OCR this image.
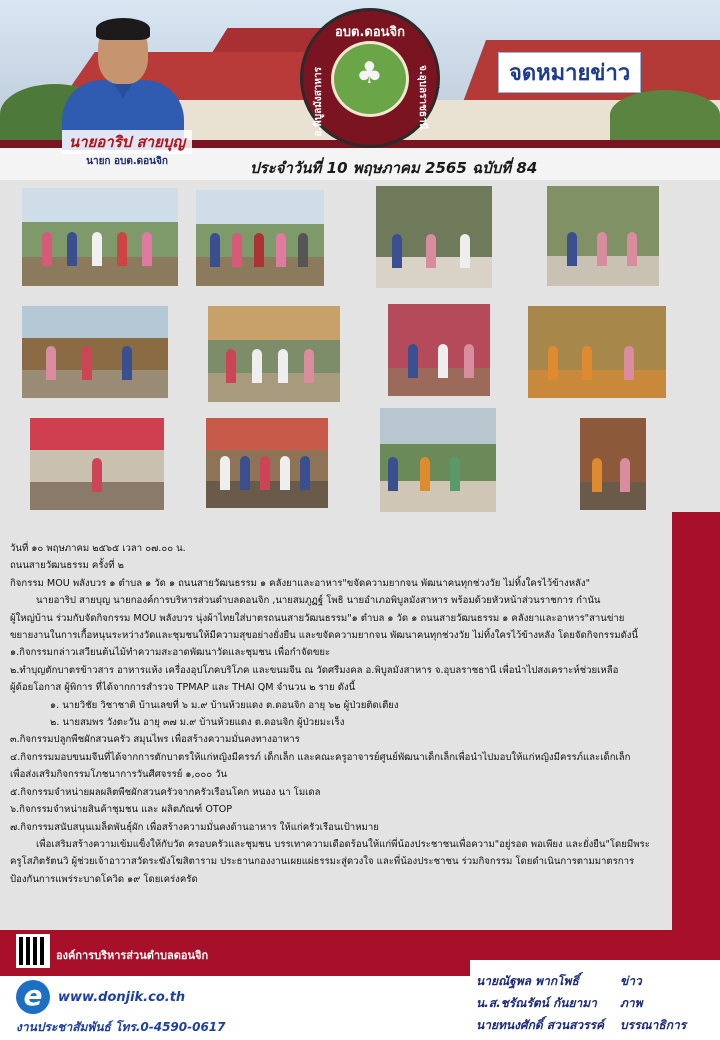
อบต.ดอนจิก
♣
อ.พิบูลมังสาหาร	จ.อุบลราชธานี	จดหมายข่าว
นายอาริป สายบุญ
นายก อบต.ดอนจิก	ประจำวันที่ 10 พฤษภาคม 2565 ฉบับที่ 84

วันที่ ๑๐ พฤษภาคม ๒๕๖๕ เวลา ๐๗.๐๐ น.

ถนนสายวัฒนธรรม ครั้งที่ ๒

กิจกรรม MOU พลังบวร ๑ ตำบล ๑ วัด ๑ ถนนสายวัฒนธรรม ๑ คลังยาและอาหาร"ขจัดความยากจน พัฒนาคนทุกช่วงวัย ไม่ทิ้งใครไว้ข้างหลัง"

นายอาริป สายบุญ นายกองค์การบริหารส่วนตำบลดอนจิก ,นายสมภูฏฐ์ โพธิ นายอำเภอพิบูลมังสาหาร พร้อมด้วยหัวหน้าส่วนราชการ กำนัน

ผู้ใหญ่บ้าน ร่วมกับจัดกิจกรรม MOU พลังบวร นุ่งผ้าไทยใส่บาตรถนนสายวัฒนธรรม"๑ ตำบล ๑ วัด ๑ ถนนสายวัฒนธรรม ๑ คลังยาและอาหาร"สานข่าย

ขยายงานในการเกื้อหนุนระหว่างวัดและชุมชนให้มีความสุขอย่างยั่งยืน และขจัดความยากจน พัฒนาคนทุกช่วงวัย ไม่ทิ้งใครไว้ข้างหลัง โดยจัดกิจกรรมดังนี้

๑.กิจกรรมกล่าวเสวียนต้นไม้ทำความสะอาดพัฒนาวัดและชุมชน เพื่อกำจัดขยะ

๒.ทำบุญตักบาตรข้าวสาร อาหารแห้ง เครื่องอุปโภคบริโภค และขนมจีน ณ วัดศรีมงคล อ.พิบูลมังสาหาร จ.อุบลราชธานี เพื่อนำไปสงเคราะห์ช่วยเหลือ

ผู้ด้อยโอกาส ผู้พิการ ที่ได้จากการสำรวจ TPMAP และ THAI QM จำนวน ๒ ราย ดังนี้

๑. นายวิชัย วิชาชาติ บ้านเลขที่ ๖ ม.๙ บ้านห้วยแดง ต.ดอนจิก อายุ ๖๒ ผู้ป่วยติดเตียง

๒. นายสมพร วังตะวัน อายุ ๓๗ ม.๙ บ้านห้วยแดง ต.ดอนจิก ผู้ป่วยมะเร็ง

๓.กิจกรรมปลูกพืชผักสวนครัว สมุนไพร เพื่อสร้างความมั่นคงทางอาหาร

๔.กิจกรรมมอบขนมจีนที่ได้จากการตักบาตรให้แก่หญิงมีครรภ์ เด็กเล็ก และคณะครูอาจารย์ศูนย์พัฒนาเด็กเล็กเพื่อนำไปมอบให้แก่หญิงมีครรภ์และเด็กเล็ก

เพื่อส่งเสริมกิจกรรมโภชนาการวันศีศจรรย์ ๑,๐๐๐ วัน

๕.กิจกรรมจำหน่ายผลผลิตพืชผักสวนครัวจากครัวเรือนโคก หนอง นา โมเดล

๖.กิจกรรมจำหน่ายสินค้าชุมชน และ ผลิตภัณฑ์ OTOP

๗.กิจกรรมสนับสนุนเมล็ดพันธุ์ผัก เพื่อสร้างความมั่นคงด้านอาหาร ให้แก่ครัวเรือนเป้าหมาย

เพื่อเสริมสร้างความเข้มแข็งให้กับวัด ครอบครัวและชุมชน บรรเทาความเดือดร้อนให้แก่พี่น้องประชาชนเพื่อความ"อยู่รอด พอเพียง และยั่งยืน"โดยมีพระ

ครูโสภิตรัตนวิ ผู้ช่วยเจ้าอาวาสวัดระฆังโฆสิตาราม ประธานกองงานเผยแผ่ธรรมะสู่ดวงใจ และพี่น้องประชาชน ร่วมกิจกรรม โดยดำเนินการตามมาตรการ

ป้องกันการแพร่ระบาดโควิด ๑๙ โดยเคร่งครัด

องค์การบริหารส่วนตำบลดอนจิก
e	www.donjik.co.th
งานประชาสัมพันธ์ โทร.0-4590-0617
นายณัฐพล พากโพธิ์	ข่าว
น.ส.ชรัณรัตน์ กันยามา	ภาพ
นายทนงศักดิ์ สวนสวรรค์	บรรณาธิการ
